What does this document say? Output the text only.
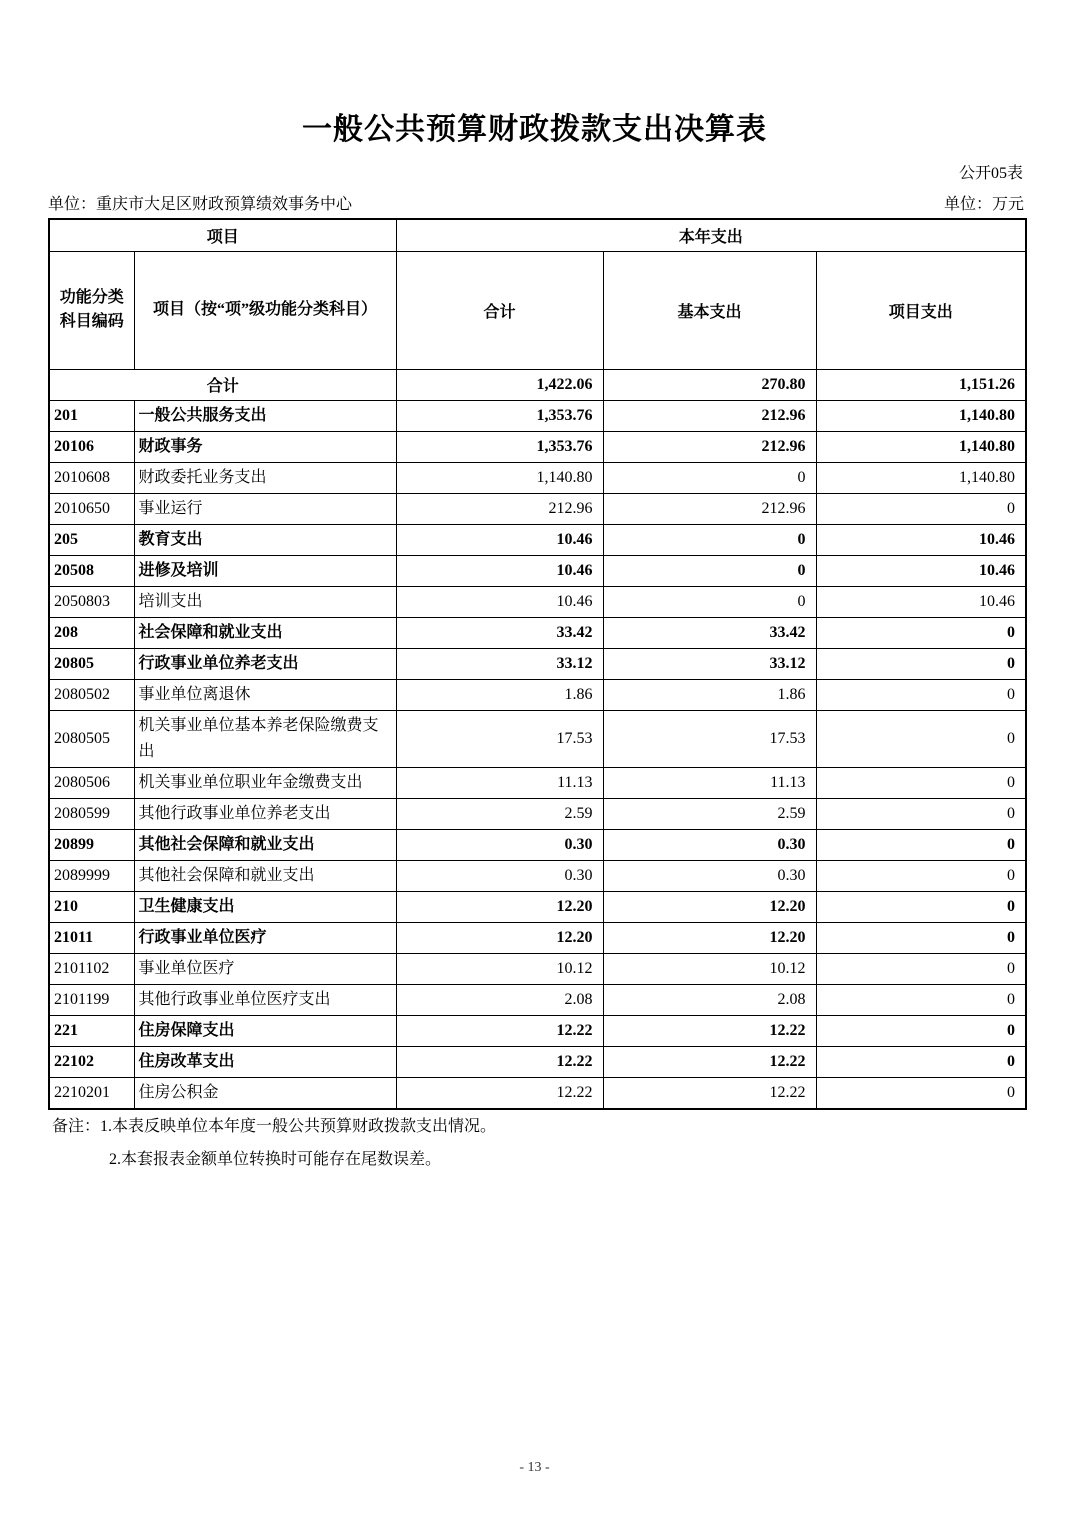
一般公共预算财政拨款支出决算表
公开05表
单位：重庆市大足区财政预算绩效事务中心	单位：万元
项目		本年支出		
功能分类科目编码	项目（按“项”级功能分类科目）	合计	基本支出	项目支出
合计		1,422.06	270.80	1,151.26
201	一般公共服务支出	1,353.76	212.96	1,140.80
20106	财政事务	1,353.76	212.96	1,140.80
2010608	财政委托业务支出	1,140.80	0	1,140.80
2010650	事业运行	212.96	212.96	0
205	教育支出	10.46	0	10.46
20508	进修及培训	10.46	0	10.46
2050803	培训支出	10.46	0	10.46
208	社会保障和就业支出	33.42	33.42	0
20805	行政事业单位养老支出	33.12	33.12	0
2080502	事业单位离退休	1.86	1.86	0
2080505	机关事业单位基本养老保险缴费支出	17.53	17.53	0
2080506	机关事业单位职业年金缴费支出	11.13	11.13	0
2080599	其他行政事业单位养老支出	2.59	2.59	0
20899	其他社会保障和就业支出	0.30	0.30	0
2089999	其他社会保障和就业支出	0.30	0.30	0
210	卫生健康支出	12.20	12.20	0
21011	行政事业单位医疗	12.20	12.20	0
2101102	事业单位医疗	10.12	10.12	0
2101199	其他行政事业单位医疗支出	2.08	2.08	0
221	住房保障支出	12.22	12.22	0
22102	住房改革支出	12.22	12.22	0
2210201	住房公积金	12.22	12.22	0
备注：1.本表反映单位本年度一般公共预算财政拨款支出情况。
2.本套报表金额单位转换时可能存在尾数误差。
- 13 -
